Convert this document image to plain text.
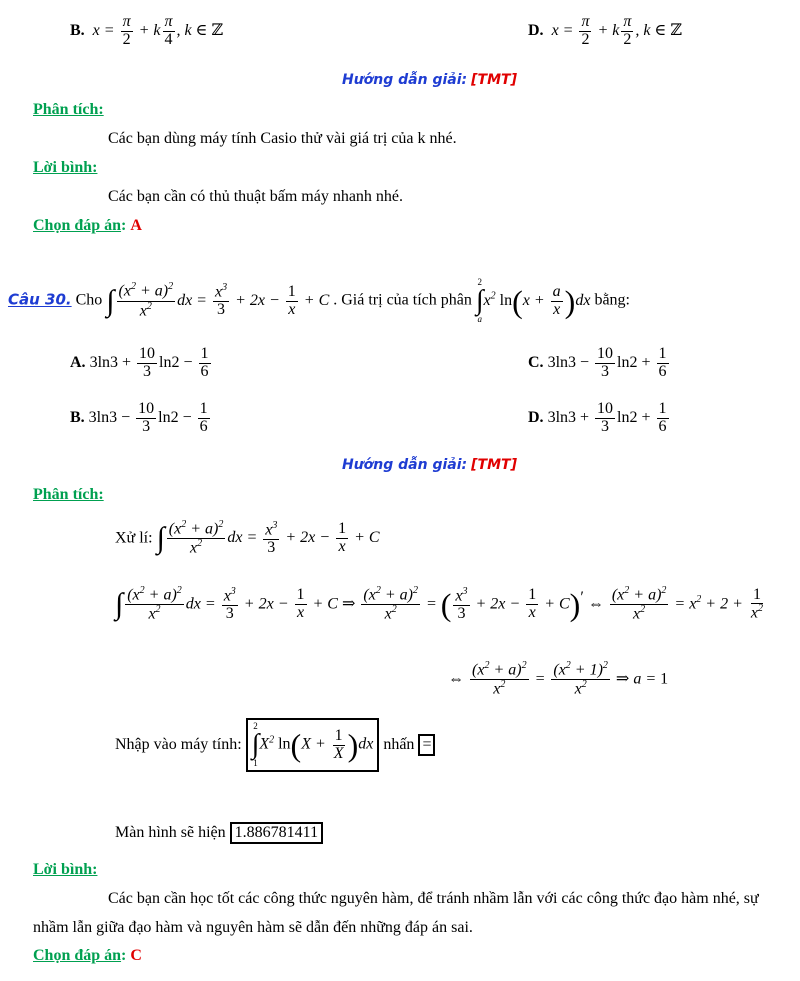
B.  $x = \frac{\pi}{2} + k \frac{\pi}{4}$ , k ∈ ℤ	D.  $x = \frac{\pi}{2} + k \frac{\pi}{2}$ , k ∈ ℤ
Hướng dẫn giải: [TMT]
Phân tích:
Các bạn dùng máy tính Casio thử vài giá trị của k nhé.
Lời bình:
Các bạn cần có thủ thuật bấm máy nhanh nhé.
Chọn đáp án: A
Câu 30. Cho ∫ $\frac{(x^2 + a)^2}{x^2}$ dx = $\frac{x^3}{3} + 2x - \frac{1}{x} + C$ . Giá trị của tích phân
2
∫
a
$x^2$ $\ln(x + \frac{a}{x} )dx$ bằng:
A. $3\ln 3 + \frac{10}{3} \ln 2 - \frac{1}{6}$	C. $3\ln 3 - \frac{10}{3} \ln 2 + \frac{1}{6}$
B. $3\ln 3 - \frac{10}{3} \ln 2 - \frac{1}{6}$	D. $3\ln 3 + \frac{10}{3} \ln 2 + \frac{1}{6}$
Hướng dẫn giải: [TMT]
Phân tích:
Xử lí: ∫ $\frac{(x^2 + a)^2}{x^2}$ dx = $\frac{x^3}{3} + 2x - \frac{1}{x} + C$
∫ $\frac{(x^2 + a)^2}{x^2}$ dx = $\frac{x^3}{3} + 2x - \frac{1}{x} + C$ ⇒ $\frac{(x^2 + a)^2}{x^2}$ = ( $\frac{x^3}{3} + 2x - \frac{1}{x} + C)'$ ⇔ $\frac{(x^2 + a)^2}{x^2} = x^2 + 2 + \frac{1}{x^2}$
⇔ $\frac{(x^2 + a)^2}{x^2} = \frac{(x^2 + 1)^2}{x^2}$ ⇒ a = 1
Nhập vào máy tính:
2
∫
1
$X^2$ $\ln(X + \frac{1}{X} )dx$ nhấn =
Màn hình sẽ hiện 1.886781411
Lời bình:
Các bạn cần học tốt các công thức nguyên hàm, để tránh nhầm lẫn với các công thức đạo hàm nhé, sự
nhầm lẫn giữa đạo hàm và nguyên hàm sẽ dẫn đến những đáp án sai.
Chọn đáp án: C
